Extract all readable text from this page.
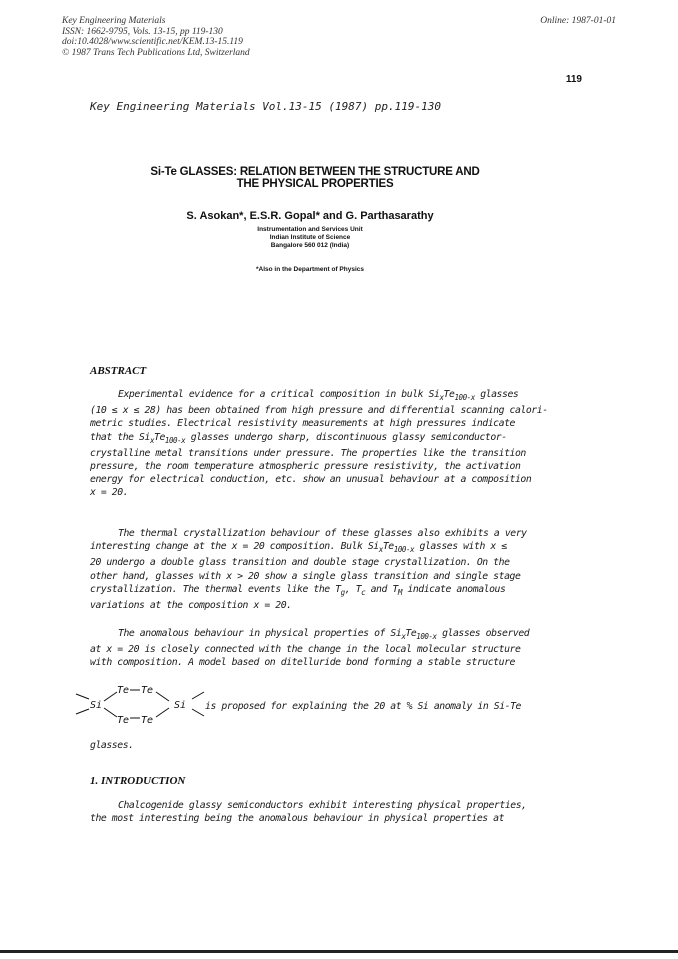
Key Engineering Materials
ISSN: 1662-9795, Vols. 13-15, pp 119-130
doi:10.4028/www.scientific.net/KEM.13-15.119
© 1987 Trans Tech Publications Ltd, Switzerland
Online: 1987-01-01
119
Key Engineering Materials Vol.13-15 (1987) pp.119-130
Si-Te GLASSES: RELATION BETWEEN THE STRUCTURE AND
THE PHYSICAL PROPERTIES
S. Asokan*, E.S.R. Gopal* and G. Parthasarathy
Instrumentation and Services Unit
Indian Institute of Science
Bangalore 560 012 (India)
*Also in the Department of Physics
ABSTRACT
Experimental evidence for a critical composition in bulk $Si_xTe_{100-x}$ glasses
(10 ≤ x ≤ 28) has been obtained from high pressure and differential scanning calori-
metric studies. Electrical resistivity measurements at high pressures indicate
that the $Si_xTe_{100-x}$ glasses undergo sharp, discontinuous glassy semiconductor-
crystalline metal transitions under pressure. The properties like the transition
pressure, the room temperature atmospheric pressure resistivity, the activation
energy for electrical conduction, etc. show an unusual behaviour at a composition
x = 20.
The thermal crystallization behaviour of these glasses also exhibits a very
interesting change at the x = 20 composition. Bulk $Si_xTe_{100-x}$ glasses with x ≤
20 undergo a double glass transition and double stage crystallization. On the
other hand, glasses with x > 20 show a single glass transition and single stage
crystallization. The thermal events like the $T_g$, $T_c$ and $T_M$ indicate anomalous
variations at the composition x = 20.
The anomalous behaviour in physical properties of $Si_xTe_{100-x}$ glasses observed
at x = 20 is closely connected with the change in the local molecular structure
with composition. A model based on ditelluride bond forming a stable structure
Si
Te Te
Te Te
Si is proposed for explaining the 20 at % Si anomaly in Si-Te
glasses.
1. INTRODUCTION
Chalcogenide glassy semiconductors exhibit interesting physical properties,
the most interesting being the anomalous behaviour in physical properties at
